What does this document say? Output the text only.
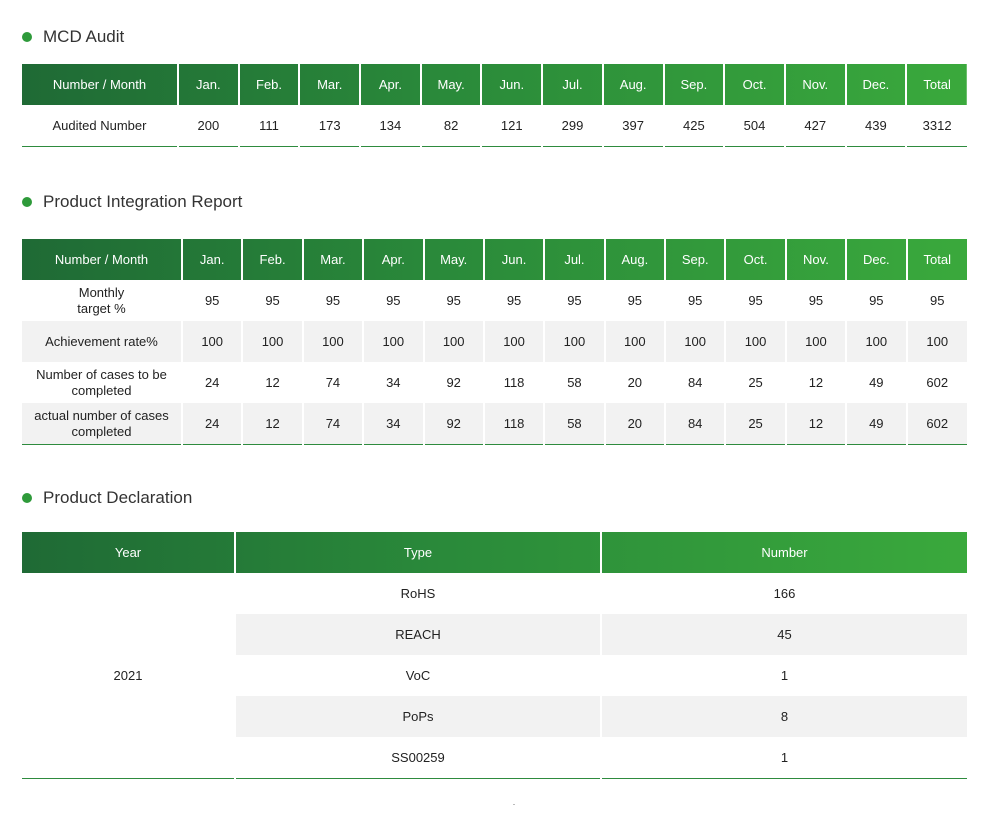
MCD Audit
Number / Month	Jan.	Feb.	Mar.	Apr.	May.	Jun.	Jul.	Aug.	Sep.	Oct.	Nov.	Dec.	Total
Audited Number	200	111	173	134	82	121	299	397	425	504	427	439	3312
Product Integration Report
Number / Month	Jan.	Feb.	Mar.	Apr.	May.	Jun.	Jul.	Aug.	Sep.	Oct.	Nov.	Dec.	Total
Monthly
target %	95	95	95	95	95	95	95	95	95	95	95	95	95
Achievement rate%	100	100	100	100	100	100	100	100	100	100	100	100	100
Number of cases to be completed	24	12	74	34	92	118	58	20	84	25	12	49	602
actual number of cases completed	24	12	74	34	92	118	58	20	84	25	12	49	602
Product Declaration
Year	Type	Number
2021	RoHS	166
	REACH	45
	VoC	1
	PoPs	8
	SS00259	1
